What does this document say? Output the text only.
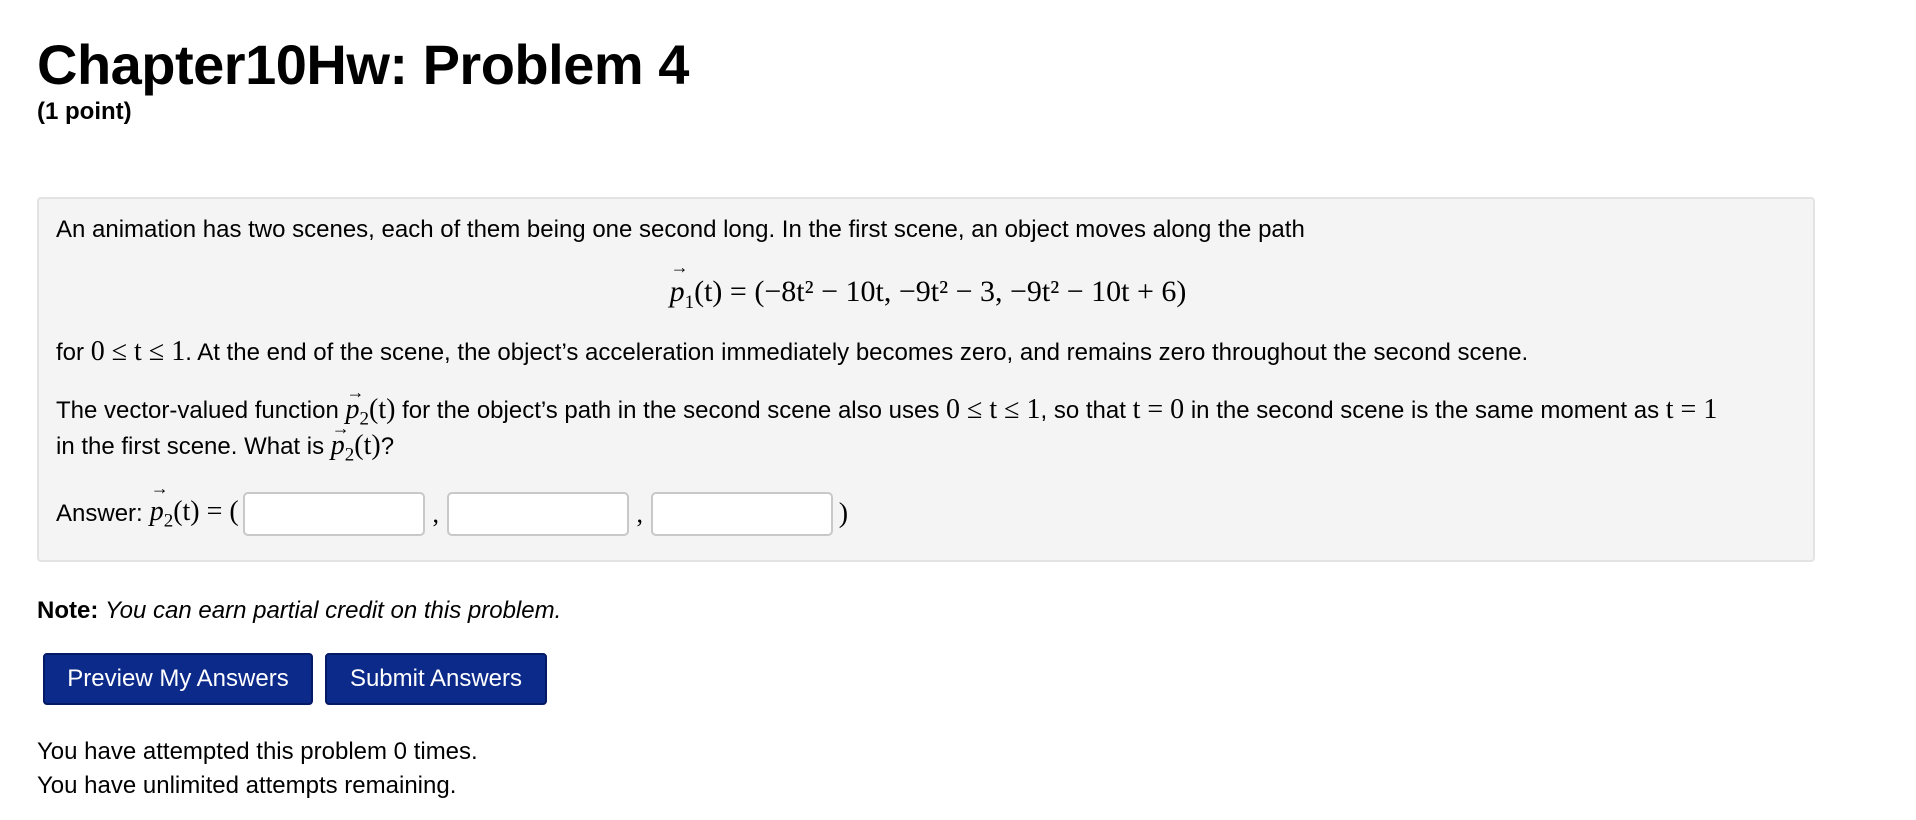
Chapter10Hw: Problem 4
(1 point)
An animation has two scenes, each of them being one second long. In the first scene, an object moves along the path
→ $p_1(t) = (-8t^2 - 10t$, −9t² − 3, −9t² − 10t + 6)
for 0 ≤ t ≤ 1. At the end of the scene, the object’s acceleration immediately becomes zero, and remains zero throughout the second scene.
The vector-valued function → $p_2(t)$ for the object’s path in the second scene also uses 0 ≤ t ≤ 1, so that t = 0 in the second scene is the same moment as t = 1
in the first scene. What is → $p_2(t)$?
Answer:
→ $p_2(t)$ = (	,	,	)
Note: You can earn partial credit on this problem.
Preview My Answers	Submit Answers
You have attempted this problem 0 times.
You have unlimited attempts remaining.
